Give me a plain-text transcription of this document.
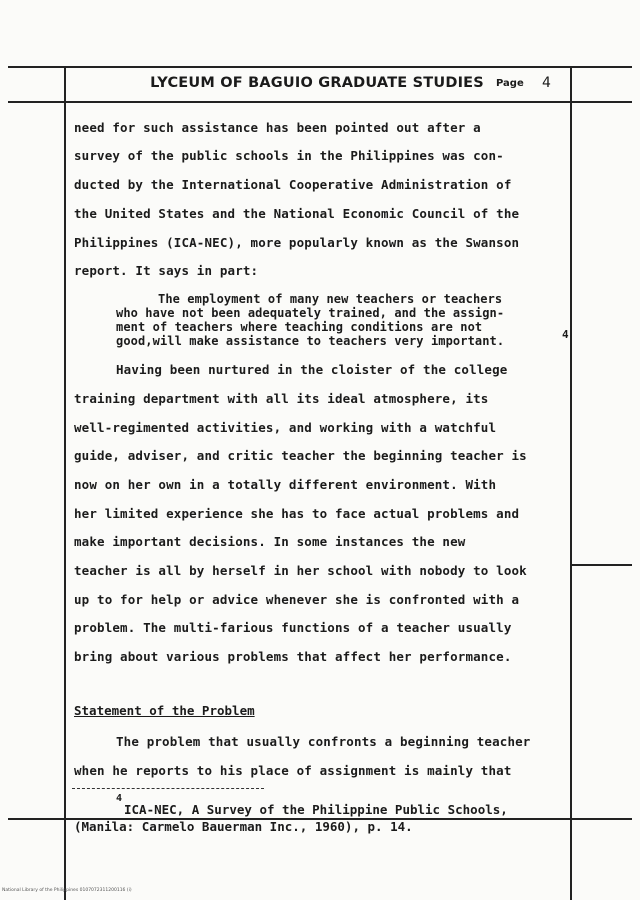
LYCEUM OF BAGUIO GRADUATE STUDIES	Page 4
need for such assistance has been pointed out after a
survey of the public schools in the Philippines was con-
ducted by the International Cooperative Administration of
the United States and the National Economic Council of the
Philippines (ICA-NEC), more popularly known as the Swanson
report. It says in part:
The employment of many new teachers or teachers
who have not been adequately trained, and the assign-
ment of teachers where teaching conditions are not
good,will make assistance to teachers very important.	4
Having been nurtured in the cloister of the college
training department with all its ideal atmosphere, its
well-regimented activities, and working with a watchful
guide, adviser, and critic teacher the beginning teacher is
now on her own in a totally different environment. With
her limited experience she has to face actual problems and
make important decisions. In some instances the new
teacher is all by herself in her school with nobody to look
up to for help or advice whenever she is confronted with a
problem. The multi-farious functions of a teacher usually
bring about various problems that affect her performance.
Statement of the Problem
The problem that usually confronts a beginning teacher
when he reports to his place of assignment is mainly that
4
ICA-NEC, A Survey of the Philippine Public Schools,
(Manila: Carmelo Bauerman Inc., 1960), p. 14.
National Library of the Philippines 0107072311200116 (i)
